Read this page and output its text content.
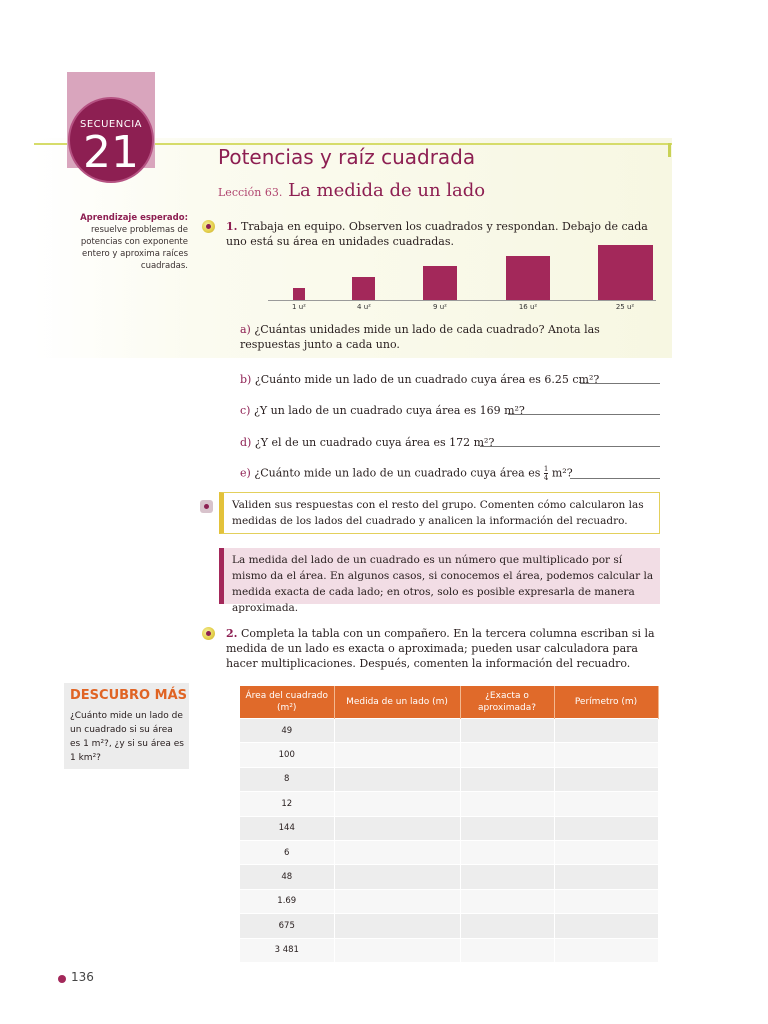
SECUENCIA
21	Potencias y raíz cuadrada
Lección 63. La medida de un lado
Aprendizaje esperado: resuelve problemas de potencias con exponente entero y aproxima raíces cuadradas.
1. Trabaja en equipo. Observen los cuadrados y respondan. Debajo de cada uno está su área en unidades cuadradas.
1 u²	4 u²	9 u²	16 u²	25 u²
a) ¿Cuántas unidades mide un lado de cada cuadrado? Anota las respuestas junto a cada uno.
b) ¿Cuánto mide un lado de un cuadrado cuya área es 6.25 cm²?
c) ¿Y un lado de un cuadrado cuya área es 169 m²?
d) ¿Y el de un cuadrado cuya área es 172 m²?
e) ¿Cuánto mide un lado de un cuadrado cuya área es $\frac{1}{4} m^2$?
Validen sus respuestas con el resto del grupo. Comenten cómo calcularon las medidas de los lados del cuadrado y analicen la información del recuadro.
La medida del lado de un cuadrado es un número que multiplicado por sí mismo da el área. En algunos casos, si conocemos el área, podemos calcular la medida exacta de cada lado; en otros, solo es posible expresarla de manera aproximada.
2. Completa la tabla con un compañero. En la tercera columna escriban si la medida de un lado es exacta o aproximada; pueden usar calculadora para hacer multiplicaciones. Después, comenten la información del recuadro.
DESCUBRO MÁS
¿Cuánto mide un lado de un cuadrado si su área es 1 m²?, ¿y si su área es 1 km²?
Área del cuadrado (m²)	Medida de un lado (m)	¿Exacta o aproximada?	Perímetro (m)
49			
100			
8			
12			
144			
6			
48			
1.69			
675			
3 481			
136
